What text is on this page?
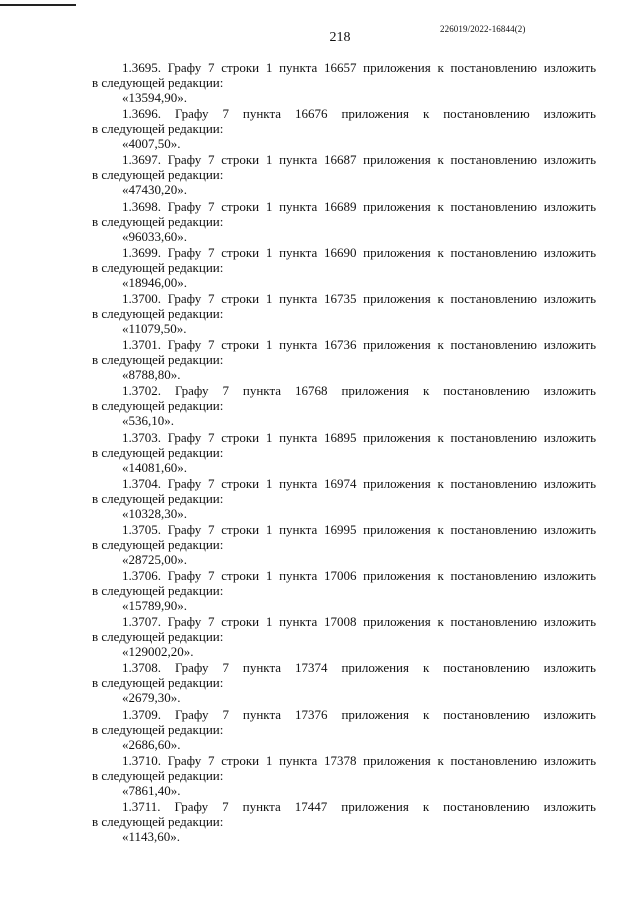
218
226019/2022-16844(2)
1.3695. Графу 7 строки 1 пункта 16657 приложения к постановлению изложить
в следующей редакции:
«13594,90».
1.3696. Графу 7 пункта 16676 приложения к постановлению изложить
в следующей редакции:
«4007,50».
1.3697. Графу 7 строки 1 пункта 16687 приложения к постановлению изложить
в следующей редакции:
«47430,20».
1.3698. Графу 7 строки 1 пункта 16689 приложения к постановлению изложить
в следующей редакции:
«96033,60».
1.3699. Графу 7 строки 1 пункта 16690 приложения к постановлению изложить
в следующей редакции:
«18946,00».
1.3700. Графу 7 строки 1 пункта 16735 приложения к постановлению изложить
в следующей редакции:
«11079,50».
1.3701. Графу 7 строки 1 пункта 16736 приложения к постановлению изложить
в следующей редакции:
«8788,80».
1.3702. Графу 7 пункта 16768 приложения к постановлению изложить
в следующей редакции:
«536,10».
1.3703. Графу 7 строки 1 пункта 16895 приложения к постановлению изложить
в следующей редакции:
«14081,60».
1.3704. Графу 7 строки 1 пункта 16974 приложения к постановлению изложить
в следующей редакции:
«10328,30».
1.3705. Графу 7 строки 1 пункта 16995 приложения к постановлению изложить
в следующей редакции:
«28725,00».
1.3706. Графу 7 строки 1 пункта 17006 приложения к постановлению изложить
в следующей редакции:
«15789,90».
1.3707. Графу 7 строки 1 пункта 17008 приложения к постановлению изложить
в следующей редакции:
«129002,20».
1.3708. Графу 7 пункта 17374 приложения к постановлению изложить
в следующей редакции:
«2679,30».
1.3709. Графу 7 пункта 17376 приложения к постановлению изложить
в следующей редакции:
«2686,60».
1.3710. Графу 7 строки 1 пункта 17378 приложения к постановлению изложить
в следующей редакции:
«7861,40».
1.3711. Графу 7 пункта 17447 приложения к постановлению изложить
в следующей редакции:
«1143,60».
